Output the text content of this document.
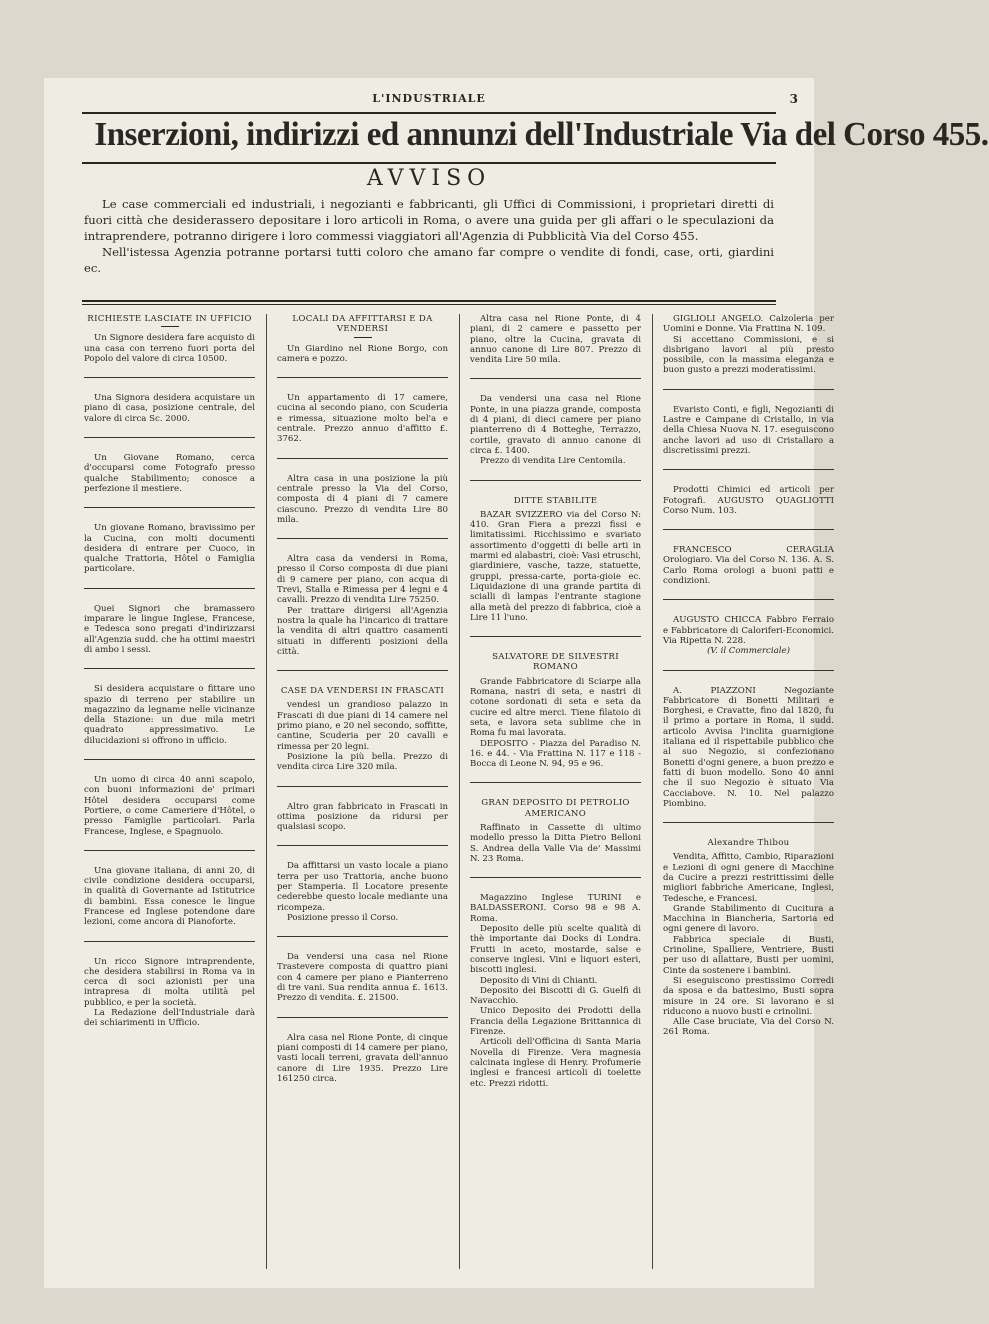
L'INDUSTRIALE	3
Inserzioni, indirizzi ed annunzi dell'Industriale Via del Corso 455.
AVVISO

Le case commerciali ed industriali, i negozianti e fabbricanti, gli Uffici di Commissioni, i proprietari diretti di fuori città che desiderassero depositare i loro articoli in Roma, o avere una guida per gli affari o le speculazioni da intraprendere, potranno dirigere i loro commessi viaggiatori all'Agenzia di Pubblicità Via del Corso 455.

Nell'istessa Agenzia potranne portarsi tutti coloro che amano far compre o vendite di fondi, case, orti, giardini ec.

RICHIESTE LASCIATE IN UFFICIO

Un Signore desidera fare acquisto di una casa con terreno fuori porta del Popolo del valore di circa 10500.

Una Signora desidera acquistare un piano di casa, posizione centrale, del valore di circa Sc. 2000.

Un Giovane Romano, cerca d'occuparsi come Fotografo presso qualche Stabilimento; conosce a perfezione il mestiere.

Un giovane Romano, bravissimo per la Cucina, con molti documenti desidera di entrare per Cuoco, in qualche Trattoria, Hôtel o Famiglia particolare.

Quei Signori che bramassero imparare le lingue Inglese, Francese, e Tedesca sono pregati d'indirizzarsi all'Agenzia sudd. che ha ottimi maestri di ambo i sessi.

Si desidera acquistare o fittare uno spazio di terreno per stabilire un magazzino da legname nelle vicinanze della Stazione: un due mila metri quadrato appressimativo. Le dilucidazioni si offrono in ufficio.

Un uomo di circa 40 anni scapolo, con buoni informazioni de' primari Hôtel desidera occuparsi come Portiere, o come Cameriere d'Hôtel, o presso Famiglie particolari. Parla Francese, Inglese, e Spagnuolo.

Una giovane italiana, di anni 20, di civile condizione desidera occuparsi, in qualità di Governante ad Istitutrice di bambini. Essa conesce le lingue Francese ed Inglese potendone dare lezioni, come ancora di Pianoforte.

Un ricco Signore intraprendente, che desidera stabilirsi in Roma va in cerca di soci azionisti per una intrapresa di molta utilità pel pubblico, e per la società.

La Redazione dell'Industriale darà dei schiarimenti in Ufficio.

LOCALI DA AFFITTARSI E DA VENDERSI

Un Giardino nel Rione Borgo, con camera e pozzo.

Un appartamento di 17 camere, cucina al secondo piano, con Scuderia e rimessa, situazione molto bel'a e centrale. Prezzo annuo d'affitto £. 3762.

Altra casa in una posizione la più centrale presso la Via del Corso, composta di 4 piani di 7 camere ciascuno. Prezzo di vendita Lire 80 mila.

Altra casa da vendersi in Roma, presso il Corso composta di due piani di 9 camere per piano, con acqua di Trevi, Stalla e Rimessa per 4 legni e 4 cavalli. Prezzo di vendita Lire 75250.

Per trattare dirigersi all'Agenzia nostra la quale ha l'incarico di trattare la vendita di altri quattro casamenti situati in differenti posizioni della città.

CASE DA VENDERSI IN FRASCATI

vendesi un grandioso palazzo in Frascati di due piani di 14 camere nel primo piano, e 20 nel secondo, soffitte, cantine, Scuderia per 20 cavalli e rimessa per 20 legni.

Posizione la più bella. Prezzo di vendita circa Lire 320 mila.

Altro gran fabbricato in Frascati in ottima posizione da ridursi per qualsiasi scopo.

Da affittarsi un vasto locale a piano terra per uso Trattoria, anche buono per Stamperia. Il Locatore presente cederebbe questo locale mediante una ricompeza.

Posizione presso il Corso.

Da vendersi una casa nel Rione Trastevere composta di quattro piani con 4 camere per piano e Pianterreno di tre vani. Sua rendita annua £. 1613. Prezzo di vendita. £. 21500.

Alra casa nel Rione Ponte, di cinque piani composti di 14 camere per piano, vasti locali terreni, gravata dell'annuo canore di Lire 1935. Prezzo Lire 161250 circa.

Altra casa nel Rione Ponte, di 4 piani, di 2 camere e passetto per piano, oltre la Cucina, gravata di annuo canone di Lire 807. Prezzo di vendita Lire 50 mila.

Da vendersi una casa nel Rione Ponte, in una piazza grande, composta di 4 piani, di dieci camere per piano pianterreno di 4 Botteghe, Terrazzo, cortile, gravato di annuo canone di circa £. 1400.

Prezzo di vendita Lire Centomila.

DITTE STABILITE

BAZAR SVIZZERO via del Corso N: 410. Gran Fiera a prezzi fissi e limitatissimi. Ricchissimo e svariato assortimento d'oggetti di belle arti in marmi ed alabastri, cioè: Vasi etruschi, giardiniere, vasche, tazze, statuette, gruppi, pressa-carte, porta-gioie ec. Liquidazione di una grande partita di scialli di lampas l'entrante stagione alla metà del prezzo di fabbrica, cioè a Lire 11 l'uno.

SALVATORE DE SILVESTRI ROMANO

Grande Fabbricatore di Sciarpe alla Romana, nastri di seta, e nastri di cotone sordonati di seta e seta da cucire ed altre merci. Tiene filatoio di seta, e lavora seta sublime che in Roma fu mai lavorata.

DEPOSITO - Piazza del Paradiso N. 16. e 44. - Via Frattina N. 117 e 118 - Bocca di Leone N. 94, 95 e 96.

GRAN DEPOSITO DI PETROLIO AMERICANO

Raffinato in Cassette di ultimo modello presso la Ditta Pietro Belloni S. Andrea della Valle Via de' Massimi N. 23 Roma.

Magazzino Inglese TURINI e BALDASSERONI. Corso 98 e 98 A. Roma.

Deposito delle più scelte qualità di thè importante dai Docks di Londra. Frutti in aceto, mostarde, salse e conserve inglesi. Vini e liquori esteri, biscotti inglesi.

Deposito di Vini di Chianti.

Deposito dei Biscotti di G. Guelfi di Navacchio.

Unico Deposito dei Prodotti della Francia della Legazione Brittannica di Firenze.

Articoli dell'Officina di Santa Maria Novella di Firenze. Vera magnesia calcinata inglese di Henry. Profumerie inglesi e francesi articoli di toelette etc. Prezzi ridotti.

GIGLIOLI ANGELO. Calzoleria per Uomini e Donne. Via Frattina N. 109.

Si accettano Commissioni, e si disbrigano lavori al più presto possibile, con la massima eleganza e buon gusto a prezzi moderatissimi.

Evaristo Conti, e figli, Negozianti di Lastre e Campane di Cristallo, in via della Chiesa Nuova N. 17. eseguiscono anche lavori ad uso di Cristallaro a discretissimi prezzi.

Prodotti Chimici ed articoli per Fotografi. AUGUSTO QUAGLIOTTI Corso Num. 103.

FRANCESCO CERAGLIA Orologiaro. Via del Corso N. 136. A. S. Carlo Roma orologi a buoni patti e condizioni.

AUGUSTO CHICCA Fabbro Ferraio e Fabbricatore di Caloriferi-Economici. Via Ripetta N. 228.

(V. il Commerciale)

A. PIAZZONI Negoziante Fabbricatore di Bonetti Militari e Borghesi, e Cravatte, fino dal 1820, fu il primo a portare in Roma, il sudd. articolo Avvisa l'inclita guarnigione italiana ed il rispettabile pubblico che al suo Negozio, si confezionano Bonetti d'ogni genere, a buon prezzo e fatti di buon modello. Sono 40 anni che il suo Negozio è situato Via Cacciabove. N. 10. Nel palazzo Piombino.

Alexandre Thibou

Vendita, Affitto, Cambio, Riparazioni e Lezioni di ogni genere di Macchine da Cucire a prezzi restrittissimi delle migliori fabbriche Americane, Inglesi, Tedesche, e Francesi.

Grande Stabilimento di Cucitura a Macchina in Biancheria, Sartoria ed ogni genere di lavoro.

Fabbrica speciale di Busti, Crinoline, Spalliere, Ventriere, Busti per uso di allattare, Busti per uomini, Cinte da sostenere i bambini.

Si eseguiscono prestissimo Corredi da sposa e da battesimo, Busti sopra misure in 24 ore. Si lavorano e si riducono a nuovo busti e crinolini.

Alle Case bruciate, Via del Corso N. 261 Roma.
